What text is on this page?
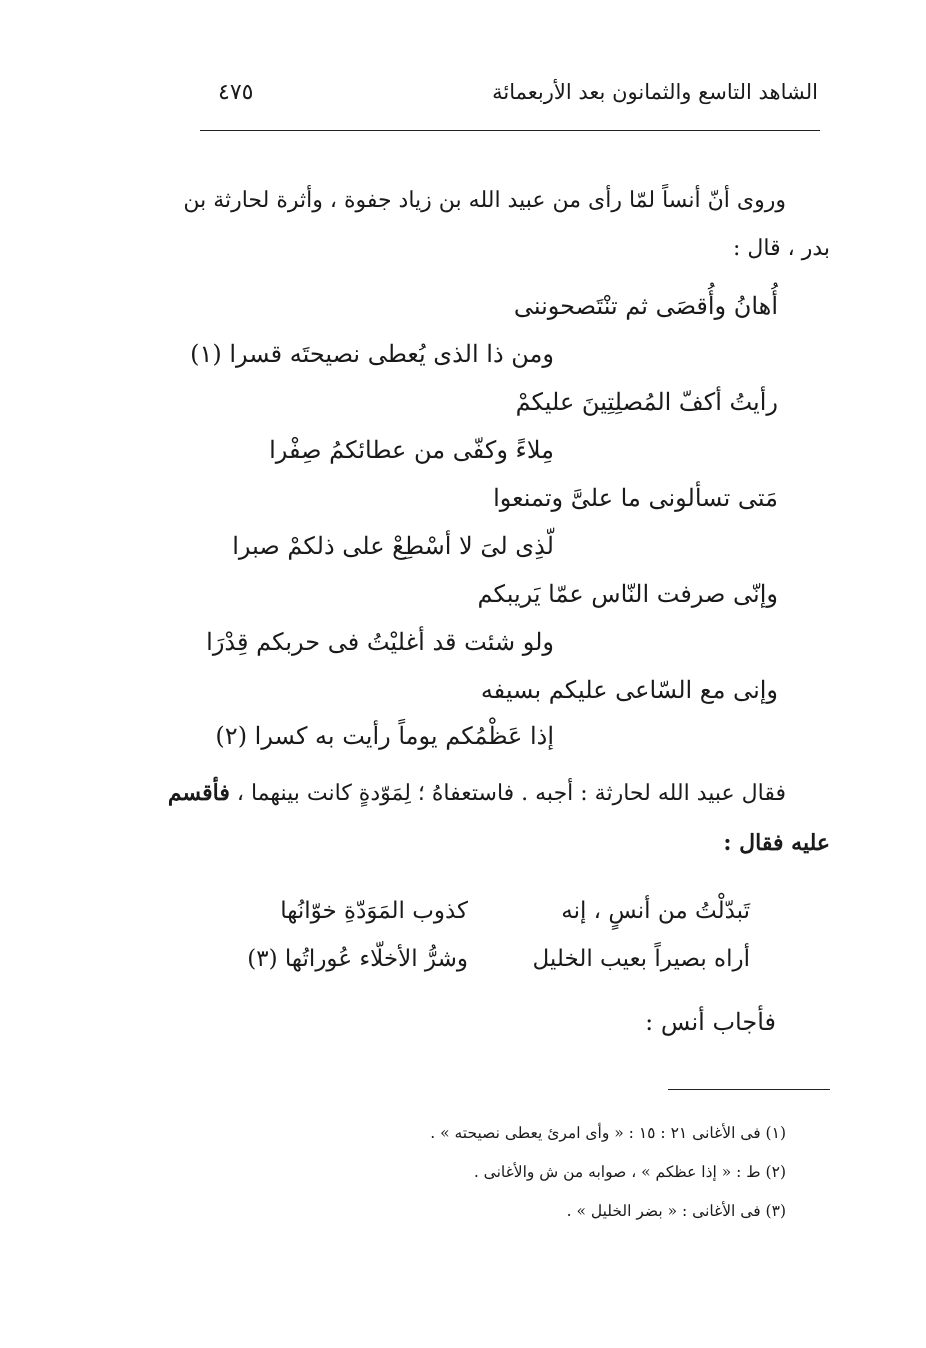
الشاهد التاسع والثمانون بعد الأربعمائة
٤٧٥
وروى أنّ أنساً لمّا رأى من عبيد الله بن زياد جفوة ، وأثرة لحارثة بن
بدر ، قال :
أُهانُ وأُقصَى ثم تنْتَصحوننى
ومن ذا الذى يُعطى نصيحتَه قسرا (١)
رأيتُ أكفّ المُصلِتِينَ عليكمْ
مِلاءً وكفّى من عطائكمُ صِفْرا
مَتى تسألونى ما علىَّ وتمنعوا
لّذِى لىَ لا أسْطِعْ على ذلكمْ صبرا
وإنّى صرفت النّاس عمّا يَريبكم
ولو شئت قد أغليْتُ فى حربكم قِدْرَا
وإنى مع السّاعى عليكم بسيفه
إذا عَظْمُكم يوماً رأيت به كسرا (٢)
فقال عبيد الله لحارثة : أجبه . فاستعفاهُ ؛ لِمَوّدةٍ كانت بينهما ، فأقسم
عليه فقال :
تَبدّلْتُ من أنسٍ ، إنه
كذوب المَوَدّةِ خوّانُها
أراه بصيراً بعيب الخليل
وشرُّ الأخلّاء عُوراتُها (٣)
فأجاب أنس :
(١) فى الأغانى ٢١ : ١٥ : « وأى امرئ يعطى نصيحته » .
(٢) ط : « إذا عظكم » ، صوابه من ش والأغانى .
(٣) فى الأغانى : « بضر الخليل » .
